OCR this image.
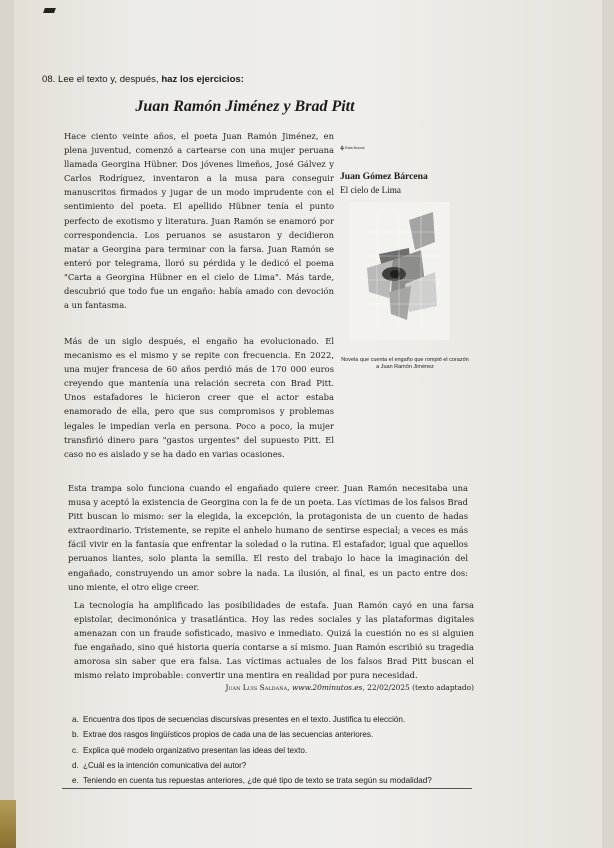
08. Lee el texto y, después, haz los ejercicios:
Juan Ramón Jiménez y Brad Pitt

Hace ciento veinte años, el poeta Juan Ramón Jiménez, en plena juventud, comenzó a cartearse con una mujer peruana llamada Georgina Hübner. Dos jóvenes limeños, José Gálvez y Carlos Rodríguez, inventaron a la musa para conseguir manuscritos firmados y jugar de un modo imprudente con el sentimiento del poeta. El apellido Hübner tenía el punto perfecto de exotismo y literatura. Juan Ramón se enamoró por correspondencia. Los peruanos se asustaron y decidieron matar a Georgina para terminar con la farsa. Juan Ramón se enteró por telegrama, lloró su pérdida y le dedicó el poema "Carta a Georgina Hübner en el cielo de Lima". Más tarde, descubrió que todo fue un engaño: había amado con devoción a un fantasma.

Más de un siglo después, el engaño ha evolucionado. El mecanismo es el mismo y se repite con frecuencia. En 2022, una mujer francesa de 60 años perdió más de 170 000 euros creyendo que mantenía una relación secreta con Brad Pitt. Unos estafadores le hicieron creer que el actor estaba enamorado de ella, pero que sus compromisos y problemas legales le impedían verla en persona. Poco a poco, la mujer transfirió dinero para "gastos urgentes" del supuesto Pitt. El caso no es aislado y se ha dado en varias ocasiones.

Esta trampa solo funciona cuando el engañado quiere creer. Juan Ramón necesitaba una musa y aceptó la existencia de Georgina con la fe de un poeta. Las víctimas de los falsos Brad Pitt buscan lo mismo: ser la elegida, la excepción, la protagonista de un cuento de hadas extraordinario. Tristemente, se repite el anhelo humano de sentirse especial; a veces es más fácil vivir en la fantasía que enfrentar la soledad o la rutina. El estafador, igual que aquellos peruanos liantes, solo planta la semilla. El resto del trabajo lo hace la imaginación del engañado, construyendo un amor sobre la nada. La ilusión, al final, es un pacto entre dos: uno miente, el otro elige creer.

La tecnología ha amplificado las posibilidades de estafa. Juan Ramón cayó en una farsa epistolar, decimonónica y trasatlántica. Hoy las redes sociales y las plataformas digitales amenazan con un fraude sofisticado, masivo e inmediato. Quizá la cuestión no es si alguien fue engañado, sino qué historia quería contarse a sí mismo. Juan Ramón escribió su tragedia amorosa sin saber que era falsa. Las víctimas actuales de los falsos Brad Pitt buscan el mismo relato improbable: convertir una mentira en realidad por pura necesidad.

Juan Luis Saldaña, www.20minutos.es, 22/02/2025 (texto adaptado)
⚘ Rata Buscal
Juan Gómez Bárcena
El cielo de Lima
Novela que cuenta el engaño que rompió el corazón a Juan Ramón Jiménez
a. Encuentra dos tipos de secuencias discursivas presentes en el texto. Justifica tu elección.
b. Extrae dos rasgos lingüísticos propios de cada una de las secuencias anteriores.
c. Explica qué modelo organizativo presentan las ideas del texto.
d. ¿Cuál es la intención comunicativa del autor?
e. Teniendo en cuenta tus repuestas anteriores, ¿de qué tipo de texto se trata según su modalidad?
